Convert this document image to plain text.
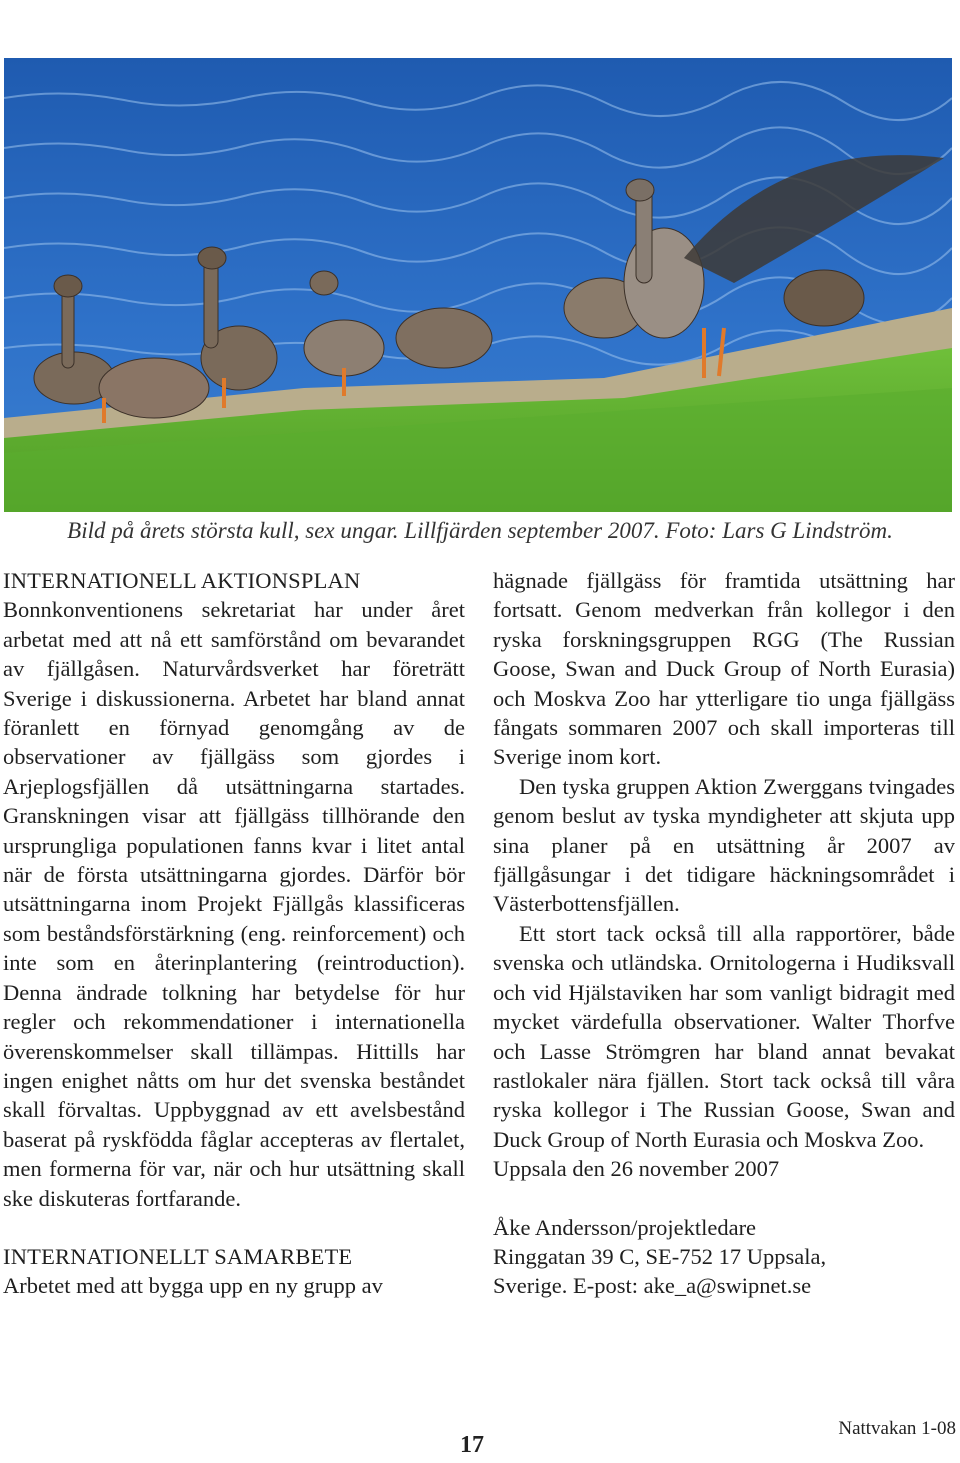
Bild på årets största kull, sex ungar. Lillfjärden september 2007. Foto: Lars G Lindström.
INTERNATIONELL AKTIONSPLAN

Bonnkonventionens sekretariat har under året arbetat med att nå ett samförstånd om bevarandet av fjällgåsen. Naturvårdsverket har företrätt Sverige i diskussionerna. Arbetet har bland annat föranlett en förnyad genomgång av de observationer av fjällgäss som gjordes i Arjeplogsfjällen då utsättningarna startades. Granskningen visar att fjällgäss tillhörande den ursprungliga populationen fanns kvar i litet antal när de första utsättningarna gjordes. Därför bör utsättningarna inom Projekt Fjällgås klassificeras som beståndsförstärkning (eng. reinforcement) och inte som en återinplantering (reintroduction). Denna ändrade tolkning har betydelse för hur regler och rekommendationer i internationella överenskommelser skall tillämpas. Hittills har ingen enighet nåtts om hur det svenska beståndet skall förvaltas. Uppbyggnad av ett avelsbestånd baserat på ryskfödda fåglar accepteras av flertalet, men formerna för var, när och hur utsättning skall ske diskuteras fortfarande.

INTERNATIONELLT SAMARBETE

Arbetet med att bygga upp en ny grupp av

hägnade fjällgäss för framtida utsättning har fortsatt. Genom medverkan från kollegor i den ryska forskningsgruppen RGG (The Russian Goose, Swan and Duck Group of North Eurasia) och Moskva Zoo har ytterligare tio unga fjällgäss fångats sommaren 2007 och skall importeras till Sverige inom kort.

Den tyska gruppen Aktion Zwerggans tvingades genom beslut av tyska myndigheter att skjuta upp sina planer på en utsättning år 2007 av fjällgåsungar i det tidigare häckningsområdet i Västerbottensfjällen.

Ett stort tack också till alla rapportörer, både svenska och utländska. Ornitologerna i Hudiksvall och vid Hjälstaviken har som vanligt bidragit med mycket värdefulla observationer. Walter Thorfve och Lasse Strömgren har bland annat bevakat rastlokaler nära fjällen. Stort tack också till våra ryska kollegor i The Russian Goose, Swan and Duck Group of North Eurasia och Moskva Zoo.

Uppsala den 26 november 2007

Åke Andersson/projektledare

Ringgatan 39 C, SE-752 17 Uppsala,

Sverige. E-post: ake_a@swipnet.se

17
Nattvakan 1-08
